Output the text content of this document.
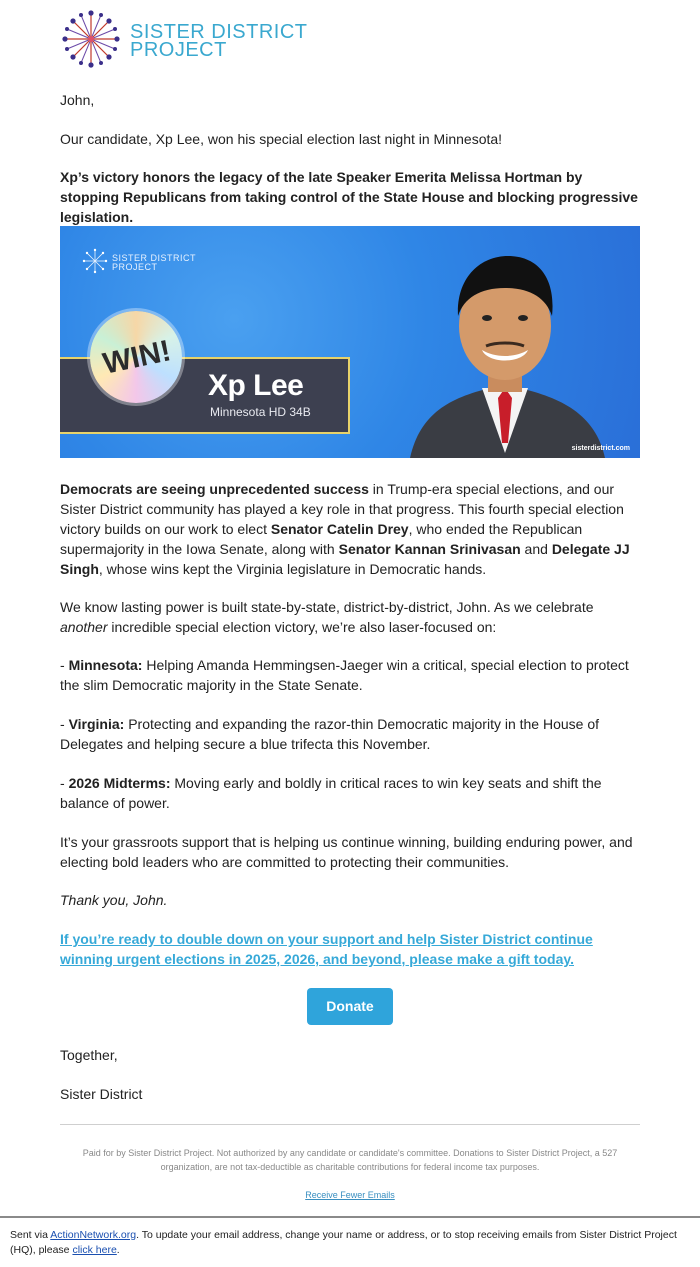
SISTER DISTRICT
PROJECT
John,
Our candidate, Xp Lee, won his special election last night in Minnesota!
Xp’s victory honors the legacy of the late Speaker Emerita Melissa Hortman by stopping Republicans from taking control of the State House and blocking progressive legislation.
SISTER DISTRICT
PROJECT
WIN!
Xp Lee
Minnesota HD 34B
sisterdistrict.com
Democrats are seeing unprecedented success in Trump-era special elections, and our Sister District community has played a key role in that progress. This fourth special election victory builds on our work to elect Senator Catelin Drey, who ended the Republican supermajority in the Iowa Senate, along with Senator Kannan Srinivasan and Delegate JJ Singh, whose wins kept the Virginia legislature in Democratic hands.
We know lasting power is built state-by-state, district-by-district, John. As we celebrate another incredible special election victory, we’re also laser-focused on:
- Minnesota: Helping Amanda Hemmingsen-Jaeger win a critical, special election to protect the slim Democratic majority in the State Senate.
- Virginia: Protecting and expanding the razor-thin Democratic majority in the House of Delegates and helping secure a blue trifecta this November.
- 2026 Midterms: Moving early and boldly in critical races to win key seats and shift the balance of power.
It’s your grassroots support that is helping us continue winning, building enduring power, and electing bold leaders who are committed to protecting their communities.
Thank you, John.
If you’re ready to double down on your support and help Sister District continue winning urgent elections in 2025, 2026, and beyond, please make a gift today.
Donate
Together,
Sister District
Paid for by Sister District Project. Not authorized by any candidate or candidate's committee. Donations to Sister District Project, a 527 organization, are not tax-deductible as charitable contributions for federal income tax purposes.
Receive Fewer Emails
Sent via ActionNetwork.org. To update your email address, change your name or address, or to stop receiving emails from Sister District Project (HQ), please click here.
